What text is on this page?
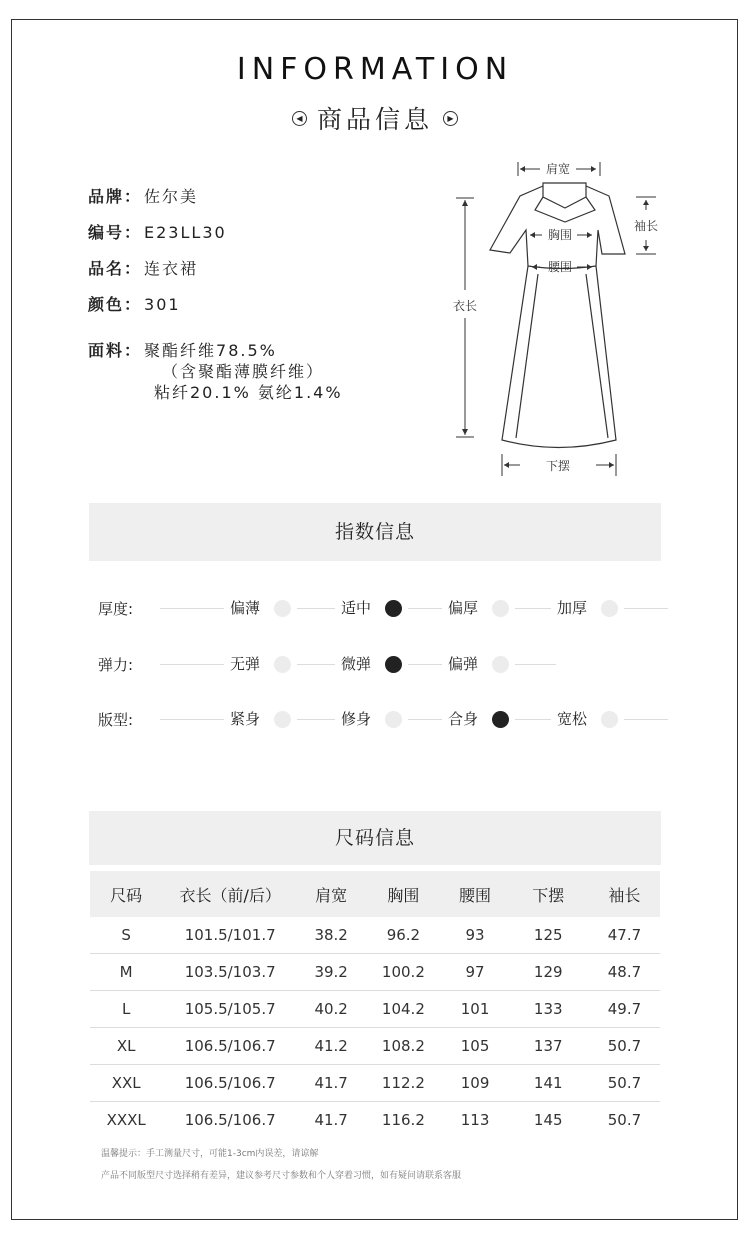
INFORMATION
◀ 商品信息 ▶
品牌： 佐尔美
编号： E23LL30
品名： 连衣裙
颜色： 301
面料： 聚酯纤维78.5%
（含聚酯薄膜纤维）
粘纤20.1% 氨纶1.4%
肩宽
袖长
胸围
腰围
衣长
下摆
指数信息
厚度:	偏薄	适中	偏厚	加厚
弹力:	无弹	微弹	偏弹
版型:	紧身	修身	合身	宽松
尺码信息
尺码	衣长（前/后）	肩宽	胸围	腰围	下摆	袖长
S	101.5/101.7	38.2	96.2	93	125	47.7
M	103.5/103.7	39.2	100.2	97	129	48.7
L	105.5/105.7	40.2	104.2	101	133	49.7
XL	106.5/106.7	41.2	108.2	105	137	50.7
XXL	106.5/106.7	41.7	112.2	109	141	50.7
XXXL	106.5/106.7	41.7	116.2	113	145	50.7
温馨提示：手工测量尺寸，可能1-3cm内误差，请谅解
产品不同版型尺寸选择稍有差异，建议参考尺寸参数和个人穿着习惯，如有疑问请联系客服
